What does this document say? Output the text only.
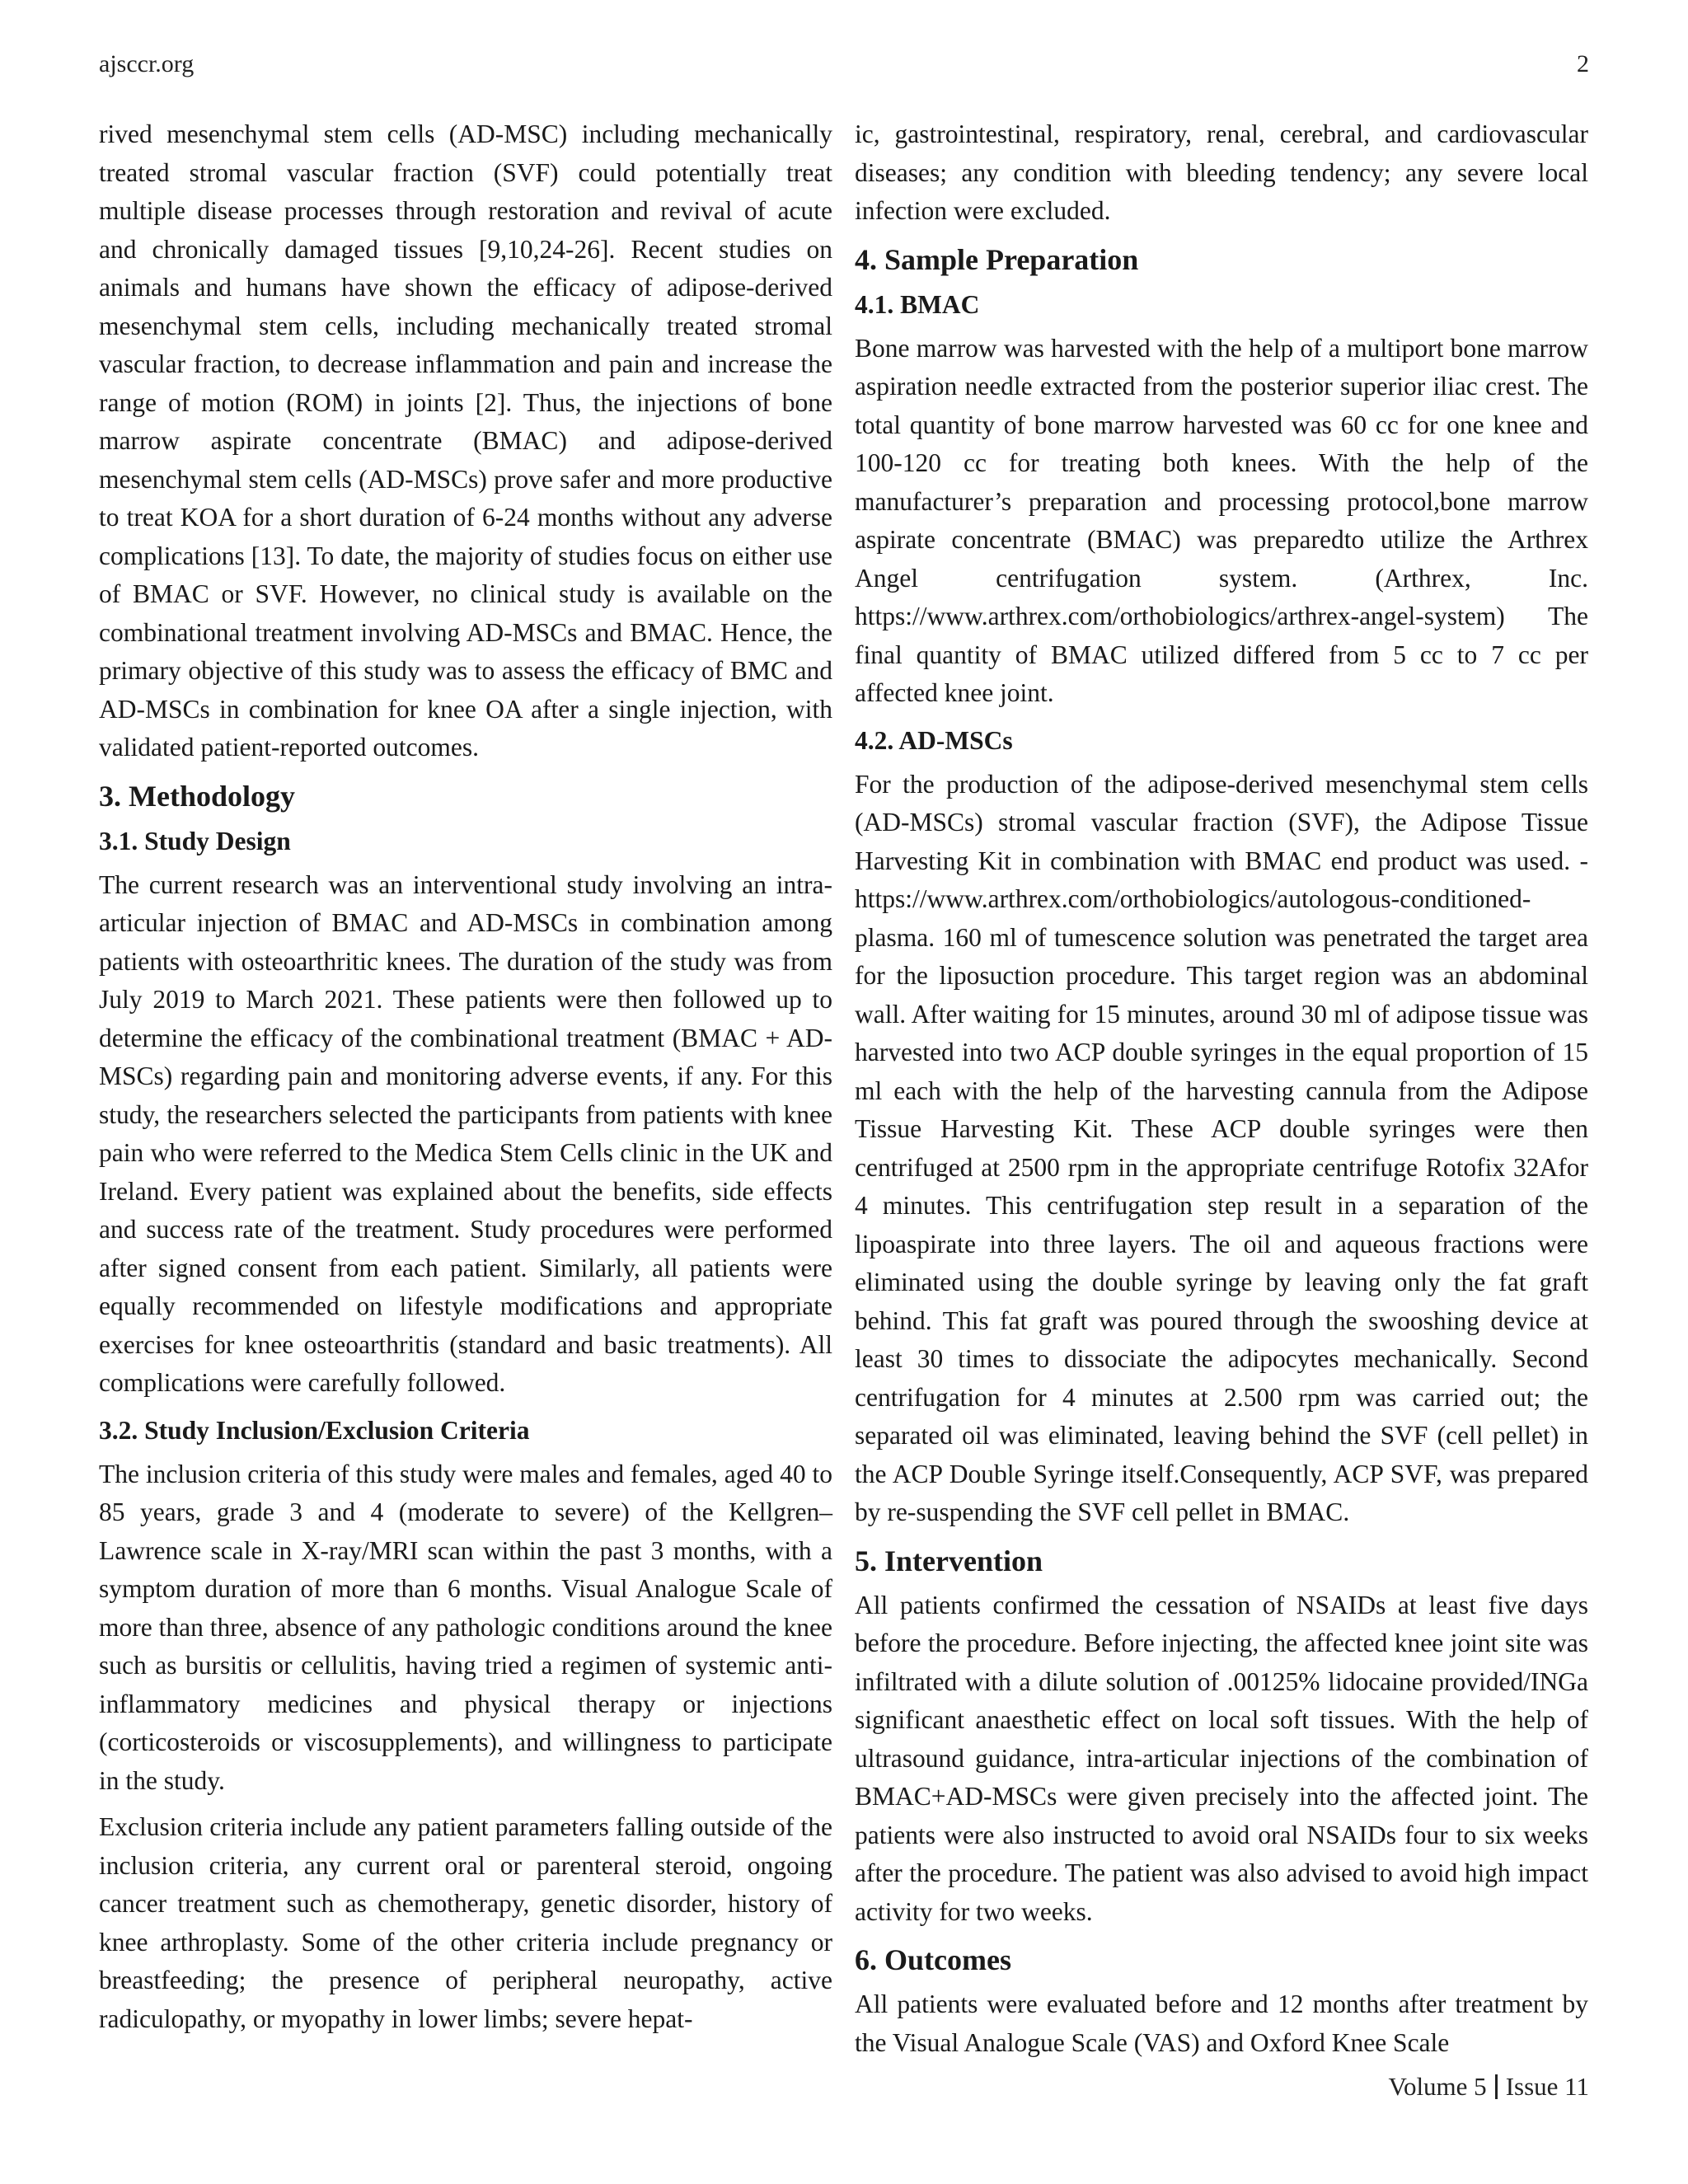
ajsccr.org	2

rived mesenchymal stem cells (AD-MSC) including mechanically treated stromal vascular fraction (SVF) could potentially treat multiple disease processes through restoration and revival of acute and chronically damaged tissues [9,10,24-26]. Recent studies on animals and humans have shown the efficacy of adipose-derived mesenchymal stem cells, including mechanically treated stromal vascular fraction, to decrease inflammation and pain and increase the range of motion (ROM) in joints [2]. Thus, the injections of bone marrow aspirate concentrate (BMAC) and adipose-derived mesenchymal stem cells (AD-MSCs) prove safer and more productive to treat KOA for a short duration of 6-24 months without any adverse complications [13]. To date, the majority of studies focus on either use of BMAC or SVF. However, no clinical study is available on the combinational treatment involving AD-MSCs and BMAC. Hence, the primary objective of this study was to assess the efficacy of BMC and AD-MSCs in combination for knee OA after a single injection, with validated patient-reported outcomes.

3. Methodology
3.1. Study Design

The current research was an interventional study involving an intra-articular injection of BMAC and AD-MSCs in combination among patients with osteoarthritic knees. The duration of the study was from July 2019 to March 2021. These patients were then followed up to determine the efficacy of the combinational treatment (BMAC + AD-MSCs) regarding pain and monitoring adverse events, if any. For this study, the researchers selected the participants from patients with knee pain who were referred to the Medica Stem Cells clinic in the UK and Ireland. Every patient was explained about the benefits, side effects and success rate of the treatment. Study procedures were performed after signed consent from each patient. Similarly, all patients were equally recommended on lifestyle modifications and appropriate exercises for knee osteoarthritis (standard and basic treatments). All complications were carefully followed.

3.2. Study Inclusion/Exclusion Criteria

The inclusion criteria of this study were males and females, aged 40 to 85 years, grade 3 and 4 (moderate to severe) of the Kellgren–Lawrence scale in X-ray/MRI scan within the past 3 months, with a symptom duration of more than 6 months. Visual Analogue Scale of more than three, absence of any pathologic conditions around the knee such as bursitis or cellulitis, having tried a regimen of systemic anti-inflammatory medicines and physical therapy or injections (corticosteroids or viscosupplements), and willingness to participate in the study.

Exclusion criteria include any patient parameters falling outside of the inclusion criteria, any current oral or parenteral steroid, ongoing cancer treatment such as chemotherapy, genetic disorder, history of knee arthroplasty. Some of the other criteria include pregnancy or breastfeeding; the presence of peripheral neuropathy, active radiculopathy, or myopathy in lower limbs; severe hepat-

ic, gastrointestinal, respiratory, renal, cerebral, and cardiovascular diseases; any condition with bleeding tendency; any severe local infection were excluded.

4. Sample Preparation
4.1. BMAC

Bone marrow was harvested with the help of a multiport bone marrow aspiration needle extracted from the posterior superior iliac crest. The total quantity of bone marrow harvested was 60 cc for one knee and 100-120 cc for treating both knees. With the help of the manufacturer’s preparation and processing protocol,bone marrow aspirate concentrate (BMAC) was preparedto utilize the Arthrex Angel centrifugation system. (Arthrex, Inc. https://www.arthrex.com/orthobiologics/arthrex-angel-system) The final quantity of BMAC utilized differed from 5 cc to 7 cc per affected knee joint.

4.2. AD-MSCs

For the production of the adipose-derived mesenchymal stem cells (AD-MSCs) stromal vascular fraction (SVF), the Adipose Tissue Harvesting Kit in combination with BMAC end product was used. - https://www.arthrex.com/orthobiologics/autologous-conditioned-plasma. 160 ml of tumescence solution was penetrated the target area for the liposuction procedure. This target region was an abdominal wall. After waiting for 15 minutes, around 30 ml of adipose tissue was harvested into two ACP double syringes in the equal proportion of 15 ml each with the help of the harvesting cannula from the Adipose Tissue Harvesting Kit. These ACP double syringes were then centrifuged at 2500 rpm in the appropriate centrifuge Rotofix 32Afor 4 minutes. This centrifugation step result in a separation of the lipoaspirate into three layers. The oil and aqueous fractions were eliminated using the double syringe by leaving only the fat graft behind. This fat graft was poured through the swooshing device at least 30 times to dissociate the adipocytes mechanically. Second centrifugation for 4 minutes at 2.500 rpm was carried out; the separated oil was eliminated, leaving behind the SVF (cell pellet) in the ACP Double Syringe itself.Consequently, ACP SVF, was prepared by re-suspending the SVF cell pellet in BMAC.

5. Intervention

All patients confirmed the cessation of NSAIDs at least five days before the procedure. Before injecting, the affected knee joint site was infiltrated with a dilute solution of .00125% lidocaine provided/INGa significant anaesthetic effect on local soft tissues. With the help of ultrasound guidance, intra-articular injections of the combination of BMAC+AD-MSCs were given precisely into the affected joint. The patients were also instructed to avoid oral NSAIDs four to six weeks after the procedure. The patient was also advised to avoid high impact activity for two weeks.

6. Outcomes

All patients were evaluated before and 12 months after treatment by the Visual Analogue Scale (VAS) and Oxford Knee Scale

Volume 5 Issue 11
